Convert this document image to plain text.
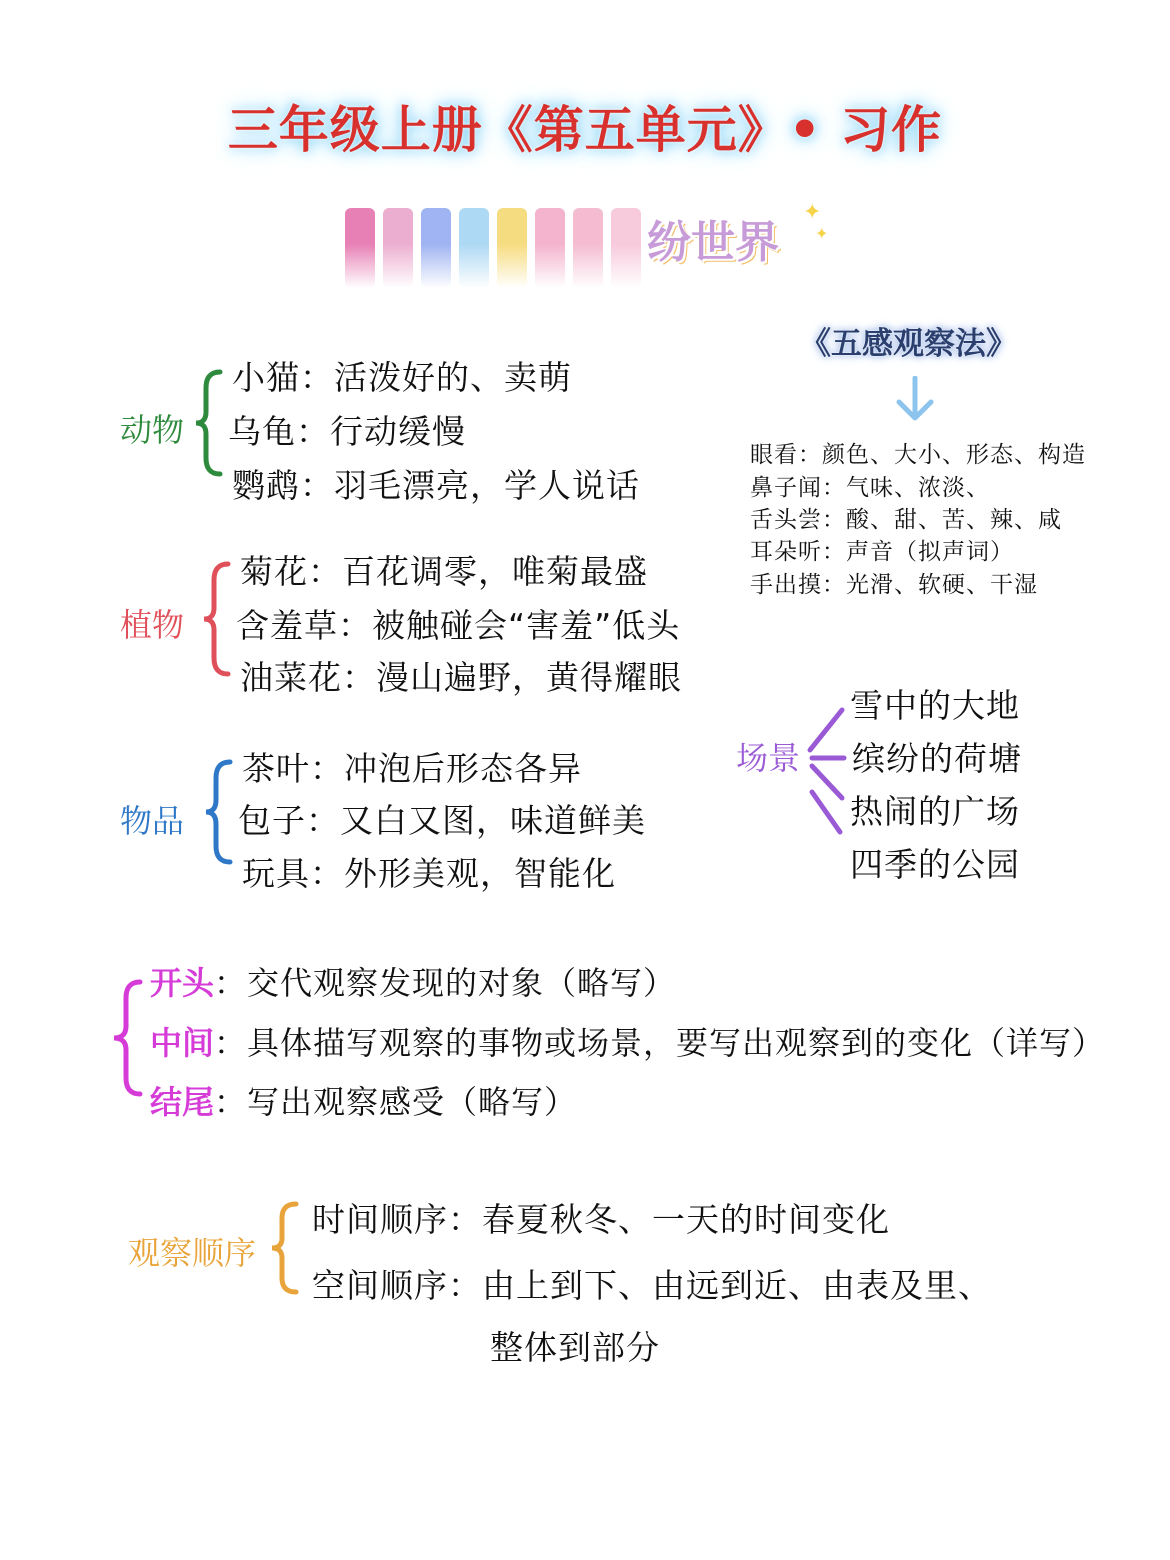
三年级上册《第五单元》• 习作
纷世界
✦
✦
动物
小猫：活泼好的、卖萌
乌龟：行动缓慢
鹦鹉：羽毛漂亮，学人说话
植物
菊花：百花调零，唯菊最盛
含羞草：被触碰会“害羞”低头
油菜花：漫山遍野，黄得耀眼
物品
茶叶：冲泡后形态各异
包子：又白又图，味道鲜美
玩具：外形美观，智能化
《五感观察法》
眼看：颜色、大小、形态、构造
鼻子闻：气味、浓淡、
舌头尝：酸、甜、苦、辣、咸
耳朵听：声音（拟声词）
手出摸：光滑、软硬、干湿
场景
雪中的大地
缤纷的荷塘
热闹的广场
四季的公园
开头：交代观察发现的对象（略写）
中间：具体描写观察的事物或场景，要写出观察到的变化（详写）
结尾：写出观察感受（略写）
观察顺序
时间顺序：春夏秋冬、一天的时间变化
空间顺序：由上到下、由远到近、由表及里、
整体到部分
